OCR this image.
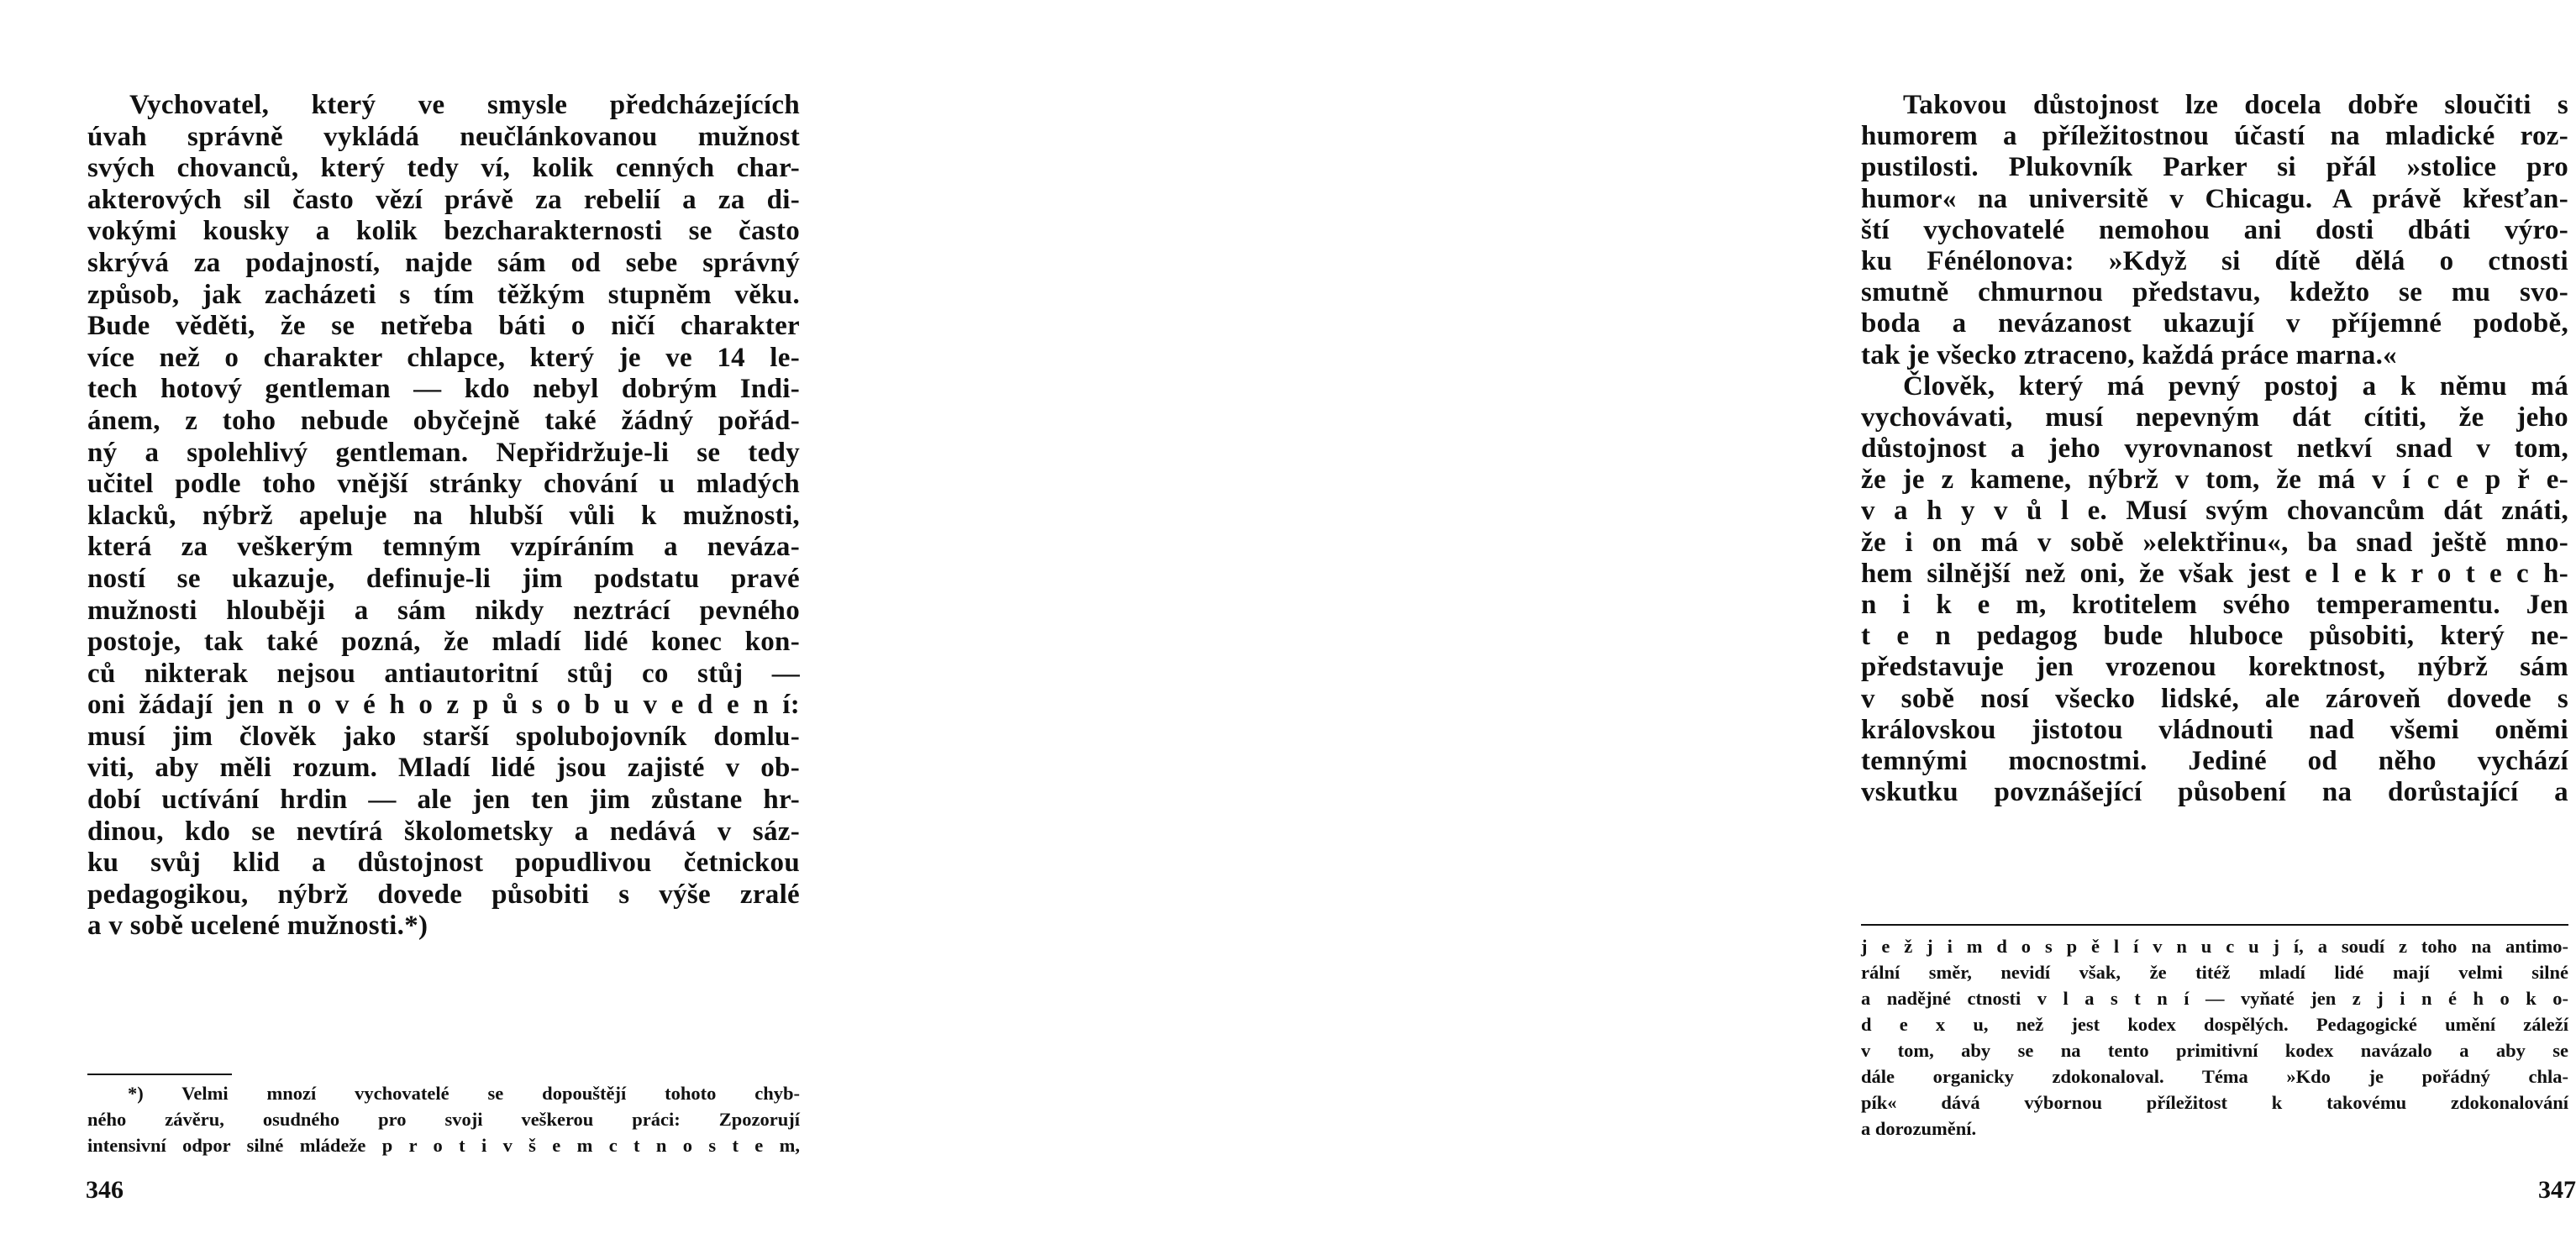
Vychovatel, který ve smysle předcházejících
úvah správně vykládá neučlánkovanou mužnost
svých chovanců, který tedy ví, kolik cenných char-
akterových sil často vězí právě za rebelií a za di-
vokými kousky a kolik bezcharakternosti se často
skrývá za podajností, najde sám od sebe správný
způsob, jak zacházeti s tím těžkým stupněm věku.
Bude věděti, že se netřeba báti o ničí charakter
více než o charakter chlapce, který je ve 14 le-
tech hotový gentleman — kdo nebyl dobrým Indi-
ánem, z toho nebude obyčejně také žádný pořád-
ný a spolehlivý gentleman. Nepřidržuje-li se tedy
učitel podle toho vnější stránky chování u mladých
klacků, nýbrž apeluje na hlubší vůli k mužnosti,
která za veškerým temným vzpíráním a neváza-
ností se ukazuje, definuje-li jim podstatu pravé
mužnosti hlouběji a sám nikdy neztrácí pevného
postoje, tak také pozná, že mladí lidé konec kon-
ců nikterak nejsou antiautoritní stůj co stůj —
oni žádají jen n o v é h o z p ů s o b u v e d e n í:
musí jim člověk jako starší spolubojovník domlu-
viti, aby měli rozum. Mladí lidé jsou zajisté v ob-
dobí uctívání hrdin — ale jen ten jim zůstane hr-
dinou, kdo se nevtírá školometsky a nedává v sáz-
ku svůj klid a důstojnost popudlivou četnickou
pedagogikou, nýbrž dovede působiti s výše zralé
a v sobě ucelené mužnosti.*)
*) Velmi mnozí vychovatelé se dopouštějí tohoto chyb-
ného závěru, osudného pro svoji veškerou práci: Zpozorují
intensivní odpor silné mládeže p r o t i v š e m c t n o s t e m,
346
Takovou důstojnost lze docela dobře sloučiti s
humorem a příležitostnou účastí na mladické roz-
pustilosti. Plukovník Parker si přál »stolice pro
humor« na universitě v Chicagu. A právě křesťan-
ští vychovatelé nemohou ani dosti dbáti výro-
ku Fénélonova: »Když si dítě dělá o ctnosti
smutně chmurnou představu, kdežto se mu svo-
boda a nevázanost ukazují v příjemné podobě,
tak je všecko ztraceno, každá práce marna.«
Člověk, který má pevný postoj a k němu má
vychovávati, musí nepevným dát cítiti, že jeho
důstojnost a jeho vyrovnanost netkví snad v tom,
že je z kamene, nýbrž v tom, že má v í c e p ř e-
v a h y v ů l e. Musí svým chovancům dát znáti,
že i on má v sobě »elektřinu«, ba snad ještě mno-
hem silnější než oni, že však jest e l e k r o t e c h-
n i k e m, krotitelem svého temperamentu. Jen
t e n pedagog bude hluboce působiti, který ne-
představuje jen vrozenou korektnost, nýbrž sám
v sobě nosí všecko lidské, ale zároveň dovede s
královskou jistotou vládnouti nad všemi oněmi
temnými mocnostmi. Jediné od něho vychází
vskutku povznášející působení na dorůstající a
j e ž j i m d o s p ě l í v n u c u j í, a soudí z toho na antimo-
rální směr, nevidí však, že titéž mladí lidé mají velmi silné
a nadějné ctnosti v l a s t n í — vyňaté jen z j i n é h o k o-
d e x u, než jest kodex dospělých. Pedagogické umění záleží
v tom, aby se na tento primitivní kodex navázalo a aby se
dále organicky zdokonaloval. Téma »Kdo je pořádný chla-
pík« dává výbornou příležitost k takovému zdokonalování
a dorozumění.
347
